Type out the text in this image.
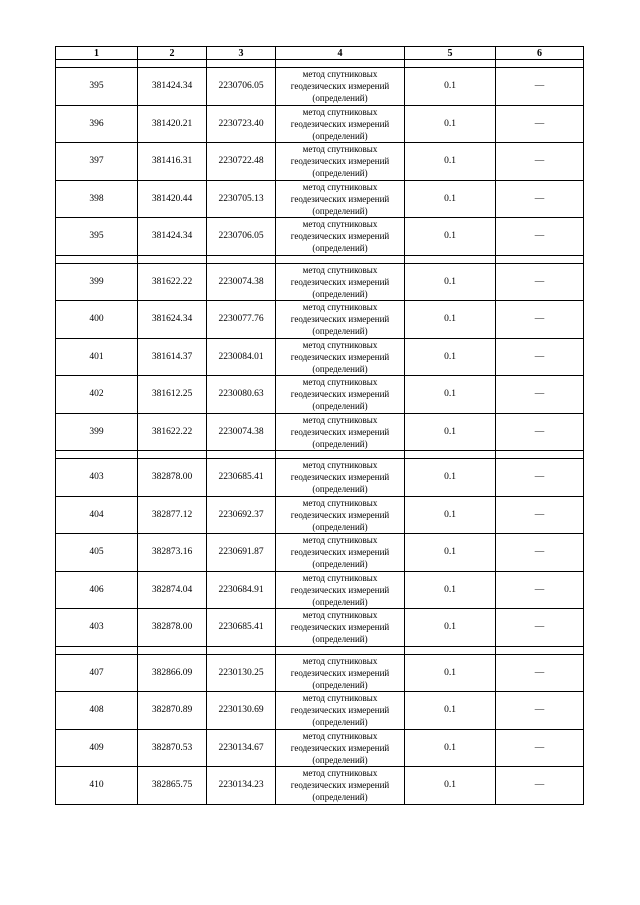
1	2	3	4	5	6

395	381424.34	2230706.05	метод спутниковых
геодезических измерений
(определений)	0.1	—
396	381420.21	2230723.40	метод спутниковых
геодезических измерений
(определений)	0.1	—
397	381416.31	2230722.48	метод спутниковых
геодезических измерений
(определений)	0.1	—
398	381420.44	2230705.13	метод спутниковых
геодезических измерений
(определений)	0.1	—
395	381424.34	2230706.05	метод спутниковых
геодезических измерений
(определений)	0.1	—

399	381622.22	2230074.38	метод спутниковых
геодезических измерений
(определений)	0.1	—
400	381624.34	2230077.76	метод спутниковых
геодезических измерений
(определений)	0.1	—
401	381614.37	2230084.01	метод спутниковых
геодезических измерений
(определений)	0.1	—
402	381612.25	2230080.63	метод спутниковых
геодезических измерений
(определений)	0.1	—
399	381622.22	2230074.38	метод спутниковых
геодезических измерений
(определений)	0.1	—

403	382878.00	2230685.41	метод спутниковых
геодезических измерений
(определений)	0.1	—
404	382877.12	2230692.37	метод спутниковых
геодезических измерений
(определений)	0.1	—
405	382873.16	2230691.87	метод спутниковых
геодезических измерений
(определений)	0.1	—
406	382874.04	2230684.91	метод спутниковых
геодезических измерений
(определений)	0.1	—
403	382878.00	2230685.41	метод спутниковых
геодезических измерений
(определений)	0.1	—

407	382866.09	2230130.25	метод спутниковых
геодезических измерений
(определений)	0.1	—
408	382870.89	2230130.69	метод спутниковых
геодезических измерений
(определений)	0.1	—
409	382870.53	2230134.67	метод спутниковых
геодезических измерений
(определений)	0.1	—
410	382865.75	2230134.23	метод спутниковых
геодезических измерений
(определений)	0.1	—
